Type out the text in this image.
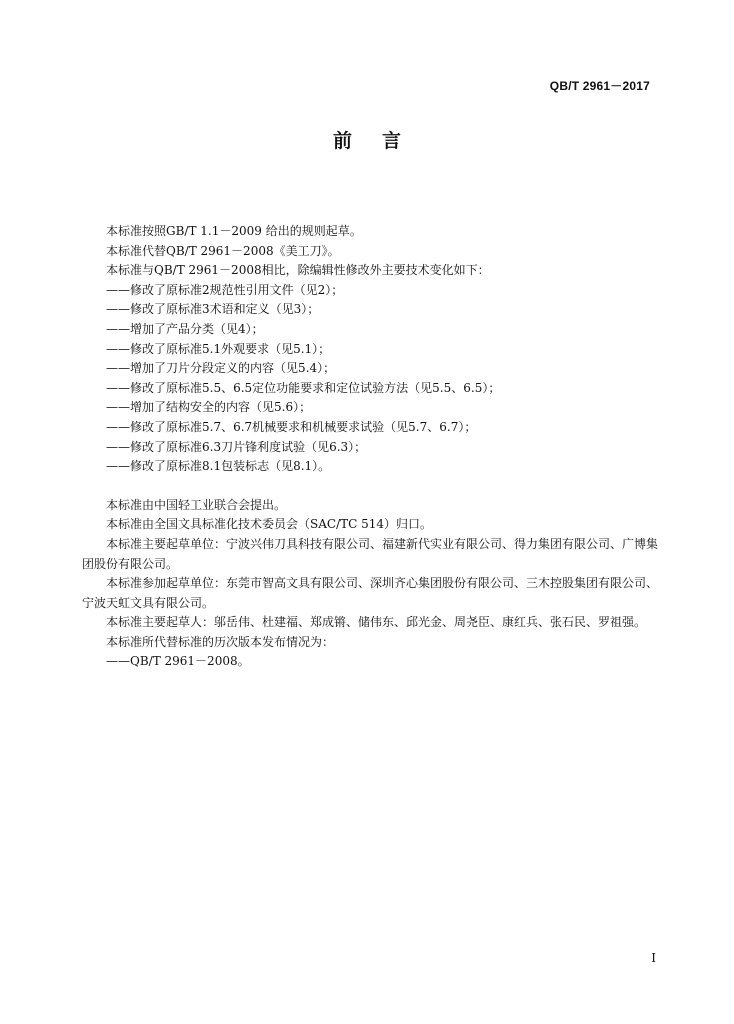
QB/T 2961－2017
前言

本标准按照GB/T 1.1－2009 给出的规则起草。

本标准代替QB/T 2961－2008《美工刀》。

本标准与QB/T 2961－2008相比，除编辑性修改外主要技术变化如下：

——修改了原标准2规范性引用文件（见2）；

——修改了原标准3术语和定义（见3）；

——增加了产品分类（见4）；

——修改了原标准5.1外观要求（见5.1）；

——增加了刀片分段定义的内容（见5.4）；

——修改了原标准5.5、6.5定位功能要求和定位试验方法（见5.5、6.5）；

——增加了结构安全的内容（见5.6）；

——修改了原标准5.7、6.7机械要求和机械要求试验（见5.7、6.7）；

——修改了原标准6.3刀片锋利度试验（见6.3）；

——修改了原标准8.1包装标志（见8.1）。

本标准由中国轻工业联合会提出。

本标准由全国文具标准化技术委员会（SAC/TC 514）归口。

本标准主要起草单位：宁波兴伟刀具科技有限公司、福建新代实业有限公司、得力集团有限公司、广博集团股份有限公司。

本标准参加起草单位：东莞市智高文具有限公司、深圳齐心集团股份有限公司、三木控股集团有限公司、宁波天虹文具有限公司。

本标准主要起草人：邬岳伟、杜建福、郑成锵、储伟东、邱光金、周尧臣、康红兵、张石民、罗祖强。

本标准所代替标准的历次版本发布情况为：

——QB/T 2961－2008。

I
